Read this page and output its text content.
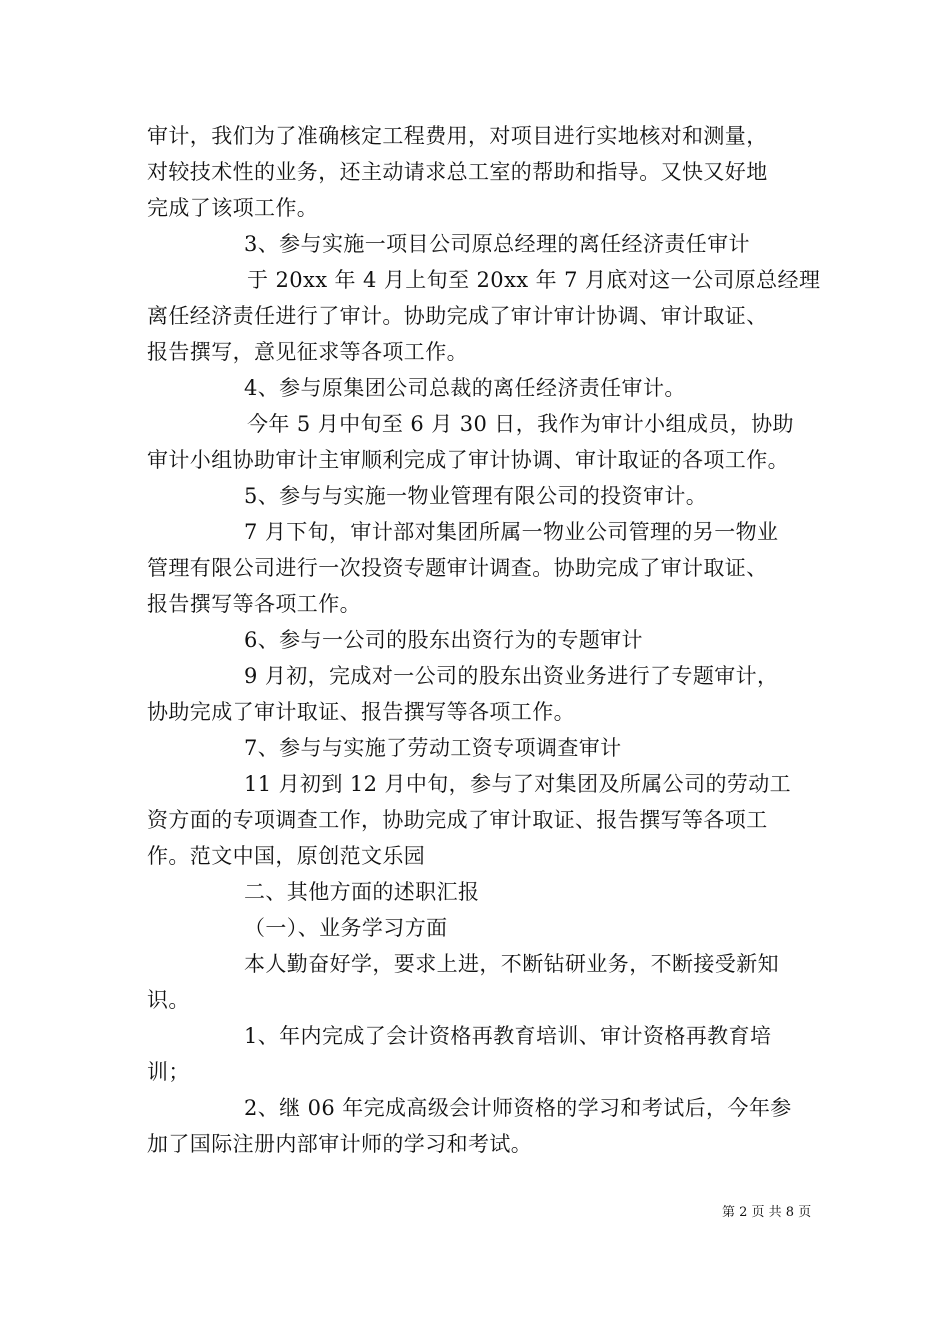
审计，我们为了准确核定工程费用，对项目进行实地核对和测量，
对较技术性的业务，还主动请求总工室的帮助和指导。又快又好地
完成了该项工作。
3、参与实施一项目公司原总经理的离任经济责任审计
于 20xx 年 4 月上旬至 20xx 年 7 月底对这一公司原总经理
离任经济责任进行了审计。协助完成了审计审计协调、审计取证、
报告撰写，意见征求等各项工作。
4、参与原集团公司总裁的离任经济责任审计。
今年 5 月中旬至 6 月 30 日，我作为审计小组成员，协助
审计小组协助审计主审顺利完成了审计协调、审计取证的各项工作。
5、参与与实施一物业管理有限公司的投资审计。
7 月下旬，审计部对集团所属一物业公司管理的另一物业
管理有限公司进行一次投资专题审计调查。协助完成了审计取证、
报告撰写等各项工作。
6、参与一公司的股东出资行为的专题审计
9 月初，完成对一公司的股东出资业务进行了专题审计，
协助完成了审计取证、报告撰写等各项工作。
7、参与与实施了劳动工资专项调查审计
11 月初到 12 月中旬，参与了对集团及所属公司的劳动工
资方面的专项调查工作，协助完成了审计取证、报告撰写等各项工
作。范文中国，原创范文乐园
二、其他方面的述职汇报
（一）、业务学习方面
本人勤奋好学，要求上进，不断钻研业务，不断接受新知
识。
1、年内完成了会计资格再教育培训、审计资格再教育培
训；
2、继 06 年完成高级会计师资格的学习和考试后，今年参
加了国际注册内部审计师的学习和考试。
第 2 页 共 8 页
